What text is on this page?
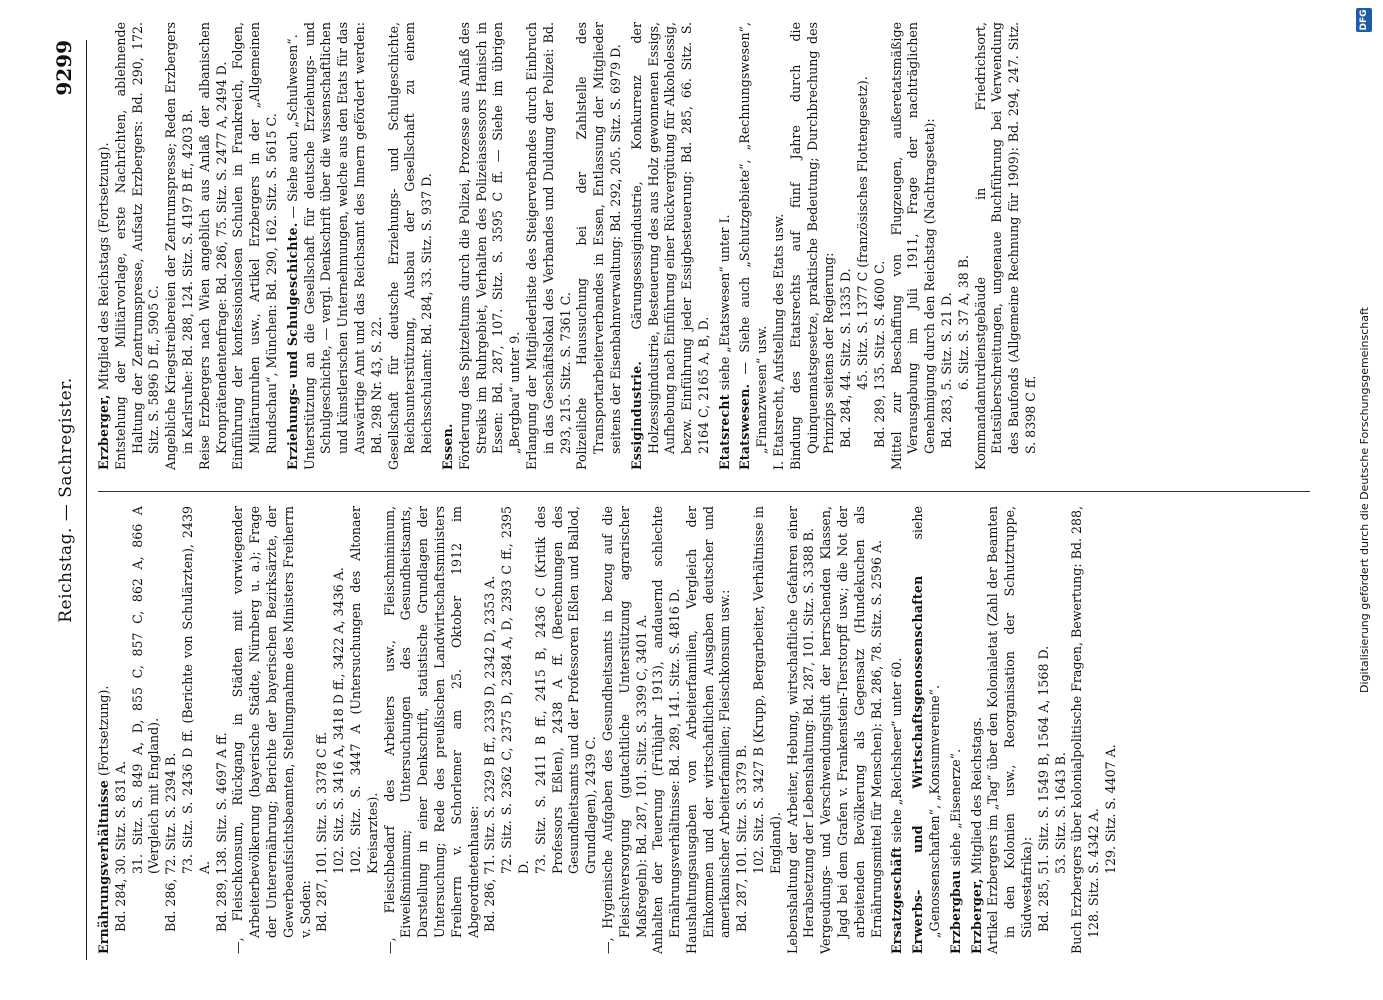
Reichstag. — Sachregister.
9299

Ernährungsverhältnisse (Fortsetzung).

Bd. 284, 30. Sitz. S. 831 A. 31. Sitz. S. 849 A, D, 855 C, 857 C, 862 A, 866 A (Vergleich mit England). Bd. 286, 72. Sitz. S. 2394 B. 73. Sitz. S. 2436 D ff. (Berichte von Schulärzten), 2439 A. Bd. 289, 138. Sitz. S. 4697 A ff. —, Fleischkonsum, Rückgang in Städten mit vorwiegender Arbeiterbevölkerung (bayerische Städte, Nürnberg u. a.); Frage der Unterernährung; Berichte der bayerischen Bezirksärzte, der Gewerbeaufsichtsbeamten, Stellungnahme des Ministers Freiherrn v. Soden: Bd. 287, 101. Sitz. S. 3378 C ff. 102. Sitz. S. 3416 A, 3418 D ff., 3422 A, 3436 A. 102. Sitz. S. 3447 A (Untersuchungen des Altonaer Kreisarztes). —, Fleischbedarf des Arbeiters usw., Fleischminimum, Eiweißminimum; Untersuchungen des Gesundheitsamts, Darstellung in einer Denkschrift, statistische Grundlagen der Untersuchung; Rede des preußischen Landwirtschaftsministers Freiherrn v. Schorlemer am 25. Oktober 1912 im Abgeordnetenhause: Bd. 286, 71. Sitz. S. 2329 B ff., 2339 D, 2342 D, 2353 A. 72. Sitz. S. 2362 C, 2375 D, 2384 A, D, 2393 C ff., 2395 D. 73. Sitz. S. 2411 B ff., 2415 B, 2436 C (Kritik des Professors Eßlen), 2438 A ff. (Berechnungen des Gesundheitsamts und der Professoren Eßlen und Ballod, Grundlagen), 2439 C. —, Hygienische Aufgaben des Gesundheitsamts in bezug auf die Fleischversorgung (gutachtliche Unterstützung agrarischer Maßregeln): Bd. 287, 101. Sitz. S. 3399 C, 3401 A. Anhalten der Teuerung (Frühjahr 1913), andauernd schlechte Ernährungsverhältnisse: Bd. 289, 141. Sitz. S. 4816 D. Haushaltungsausgaben von Arbeiterfamilien, Vergleich der Einkommen und der wirtschaftlichen Ausgaben deutscher und amerikanischer Arbeiterfamilien; Fleischkonsum usw.: Bd. 287, 101. Sitz. S. 3379 B. 102. Sitz. S. 3427 B (Krupp, Bergarbeiter, Verhältnisse in England). Lebenshaltung der Arbeiter, Hebung, wirtschaftliche Gefahren einer Herabsetzung der Lebenshaltung: Bd. 287, 101. Sitz. S. 3388 B. Vergeudungs- und Verschwendungsluft der herrschenden Klassen, Jagd bei dem Grafen v. Frankenstein-Tierstorpff usw.; die Not der arbeitenden Bevölkerung als Gegensatz (Hundekuchen als Ernährungsmittel für Menschen): Bd. 286, 78. Sitz. S. 2596 A. Ersatzgeschäft siehe „Reichsheer“ unter 60. Erwerbs- und Wirtschaftsgenossenschaften siehe „Genossenschaften“, „Konsumvereine“. Erzbergbau siehe „Eisenerze“.

Erzberger, Mitglied des Reichstags. Artikel Erzbergers im „Tag“ über den Kolonialetat (Zahl der Beamten in den Kolonien usw., Reorganisation der Schutztruppe, Südwestafrika): Bd. 285, 51. Sitz. S. 1549 B, 1564 A, 1568 D. 53. Sitz. S. 1643 B. Buch Erzbergers über kolonialpolitische Fragen, Bewertung: Bd. 288, 128. Sitz. S. 4342 A. 129. Sitz. S. 4407 A.

Erzberger, Mitglied des Reichstags (Fortsetzung). Entstehung der Militärvorlage, erste Nachrichten, ablehnende Haltung der Zentrumspresse, Aufsatz Erzbergers: Bd. 290, 172. Sitz. S. 5896 D ff., 5905 C. Angebliche Kriegstreibereien der Zentrumspresse; Reden Erzbergers in Karlsruhe: Bd. 288, 124. Sitz. S. 4197 B ff., 4203 B. Reise Erzbergers nach Wien angeblich aus Anlaß der albanischen Kronprätendentenfrage: Bd. 286, 75. Sitz. S. 2477 A, 2494 D. Einführung der konfessionslosen Schulen in Frankreich, Folgen, Militärunruhen usw., Artikel Erzbergers in der „Allgemeinen Rundschau“, München: Bd. 290, 162. Sitz. S. 5615 C. Erziehungs- und Schulgeschichte. — Siehe auch „Schulwesen“. Unterstützung an die Gesellschaft für deutsche Erziehungs- und Schulgeschichte, — vergl. Denkschrift über die wissenschaftlichen und künstlerischen Unternehmungen, welche aus den Etats für das Auswärtige Amt und das Reichsamt des Innern gefördert werden: Bd. 298 Nr. 43, S. 22. Gesellschaft für deutsche Erziehungs- und Schulgeschichte, Reichsunterstützung, Ausbau der Gesellschaft zu einem Reichsschulamt: Bd. 284, 33. Sitz. S. 937 D. Essen. Förderung des Spitzeltums durch die Polizei, Prozesse aus Anlaß des Streiks im Ruhrgebiet, Verhalten des Polizeiassessors Hanisch in Essen: Bd. 287, 107. Sitz. S. 3595 C ff. — Siehe im übrigen „Bergbau“ unter 9. Erlangung der Mitgliederliste des Steigerverbandes durch Einbruch in das Geschäftslokal des Verbandes und Duldung der Polizei: Bd. 293, 215. Sitz. S. 7361 C. Polizeiliche Haussuchung bei der Zahlstelle des Transportarbeiterverbandes in Essen, Entlassung der Mitglieder seitens der Eisenbahnverwaltung: Bd. 292, 205. Sitz. S. 6979 D. Essigindustrie. Gärungsessigindustrie, Konkurrenz der Holzessigindustrie, Besteuerung des aus Holz gewonnenen Essigs, Aufhebung nach Einführung einer Rückvergütung für Alkoholessig, bezw. Einführung jeder Essigbesteuerung: Bd. 285, 66. Sitz. S. 2164 C, 2165 A, B, D. Etatsrecht siehe „Etatswesen“ unter I.

Etatswesen. — Siehe auch „Schutzgebiete“, „Rechnungswesen“, „Finanzwesen“ usw. I. Etatsrecht, Aufstellung des Etats usw. Bindung des Etatsrechts auf fünf Jahre durch die Quinquennatsgesetze, praktische Bedeutung; Durchbrechung des Prinzips seitens der Regierung: Bd. 284, 44. Sitz. S. 1335 D. 45. Sitz. S. 1377 C (französisches Flottengesetz). Bd. 289, 135. Sitz. S. 4600 C. Mittel zur Beschaffung von Flugzeugen, außeretatsmäßige Verausgabung im Juli 1911, Frage der nachträglichen Genehmigung durch den Reichstag (Nachtragsetat): Bd. 283, 5. Sitz. S. 21 D. 6. Sitz. S. 37 A, 38 B. Kommandanturdienstgebäude in Friedrichsort, Etatsüberschreitungen, ungenaue Buchführung bei Verwendung des Baufonds (Allgemeine Rechnung für 1909): Bd. 294, 247. Sitz. S. 8398 C ff.	Digitalisierung gefördert durch die Deutsche Forschungsgemeinschaft
DFG
